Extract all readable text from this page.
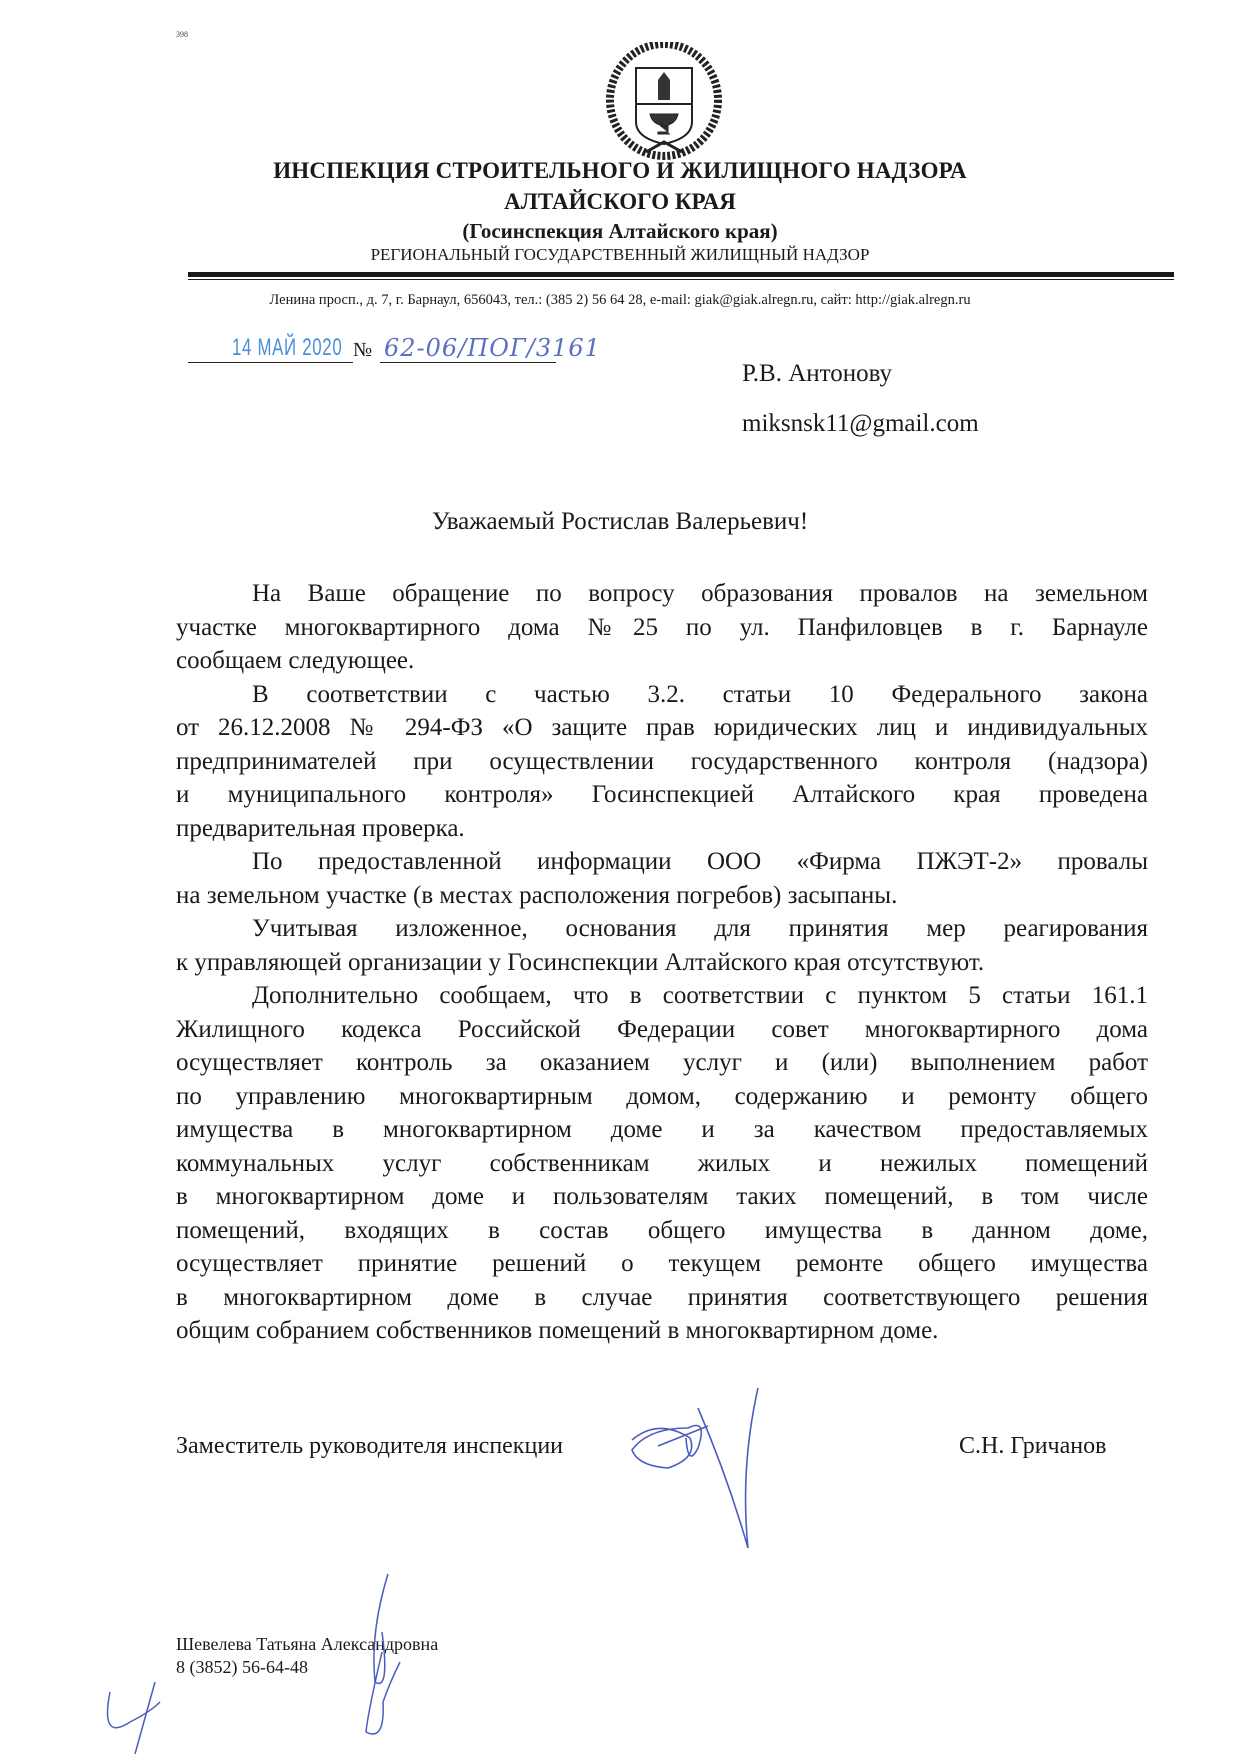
398
ИНСПЕКЦИЯ СТРОИТЕЛЬНОГО И ЖИЛИЩНОГО НАДЗОРА
АЛТАЙСКОГО КРАЯ
(Госинспекция Алтайского края)
РЕГИОНАЛЬНЫЙ ГОСУДАРСТВЕННЫЙ ЖИЛИЩНЫЙ НАДЗОР
Ленина просп., д. 7, г. Барнаул, 656043, тел.: (385 2) 56 64 28, e-mail: giak@giak.alregn.ru, сайт: http://giak.alregn.ru
14 МАЙ 2020 № 62-06/ПОГ/3161
Р.В. Антонову
miksnsk11@gmail.com
Уважаемый Ростислав Валерьевич!
На Ваше обращение по вопросу образования провалов на земельном
участке многоквартирного дома №25 по ул. Панфиловцев в г. Барнауле
сообщаем следующее.
В соответствии с частью 3.2. статьи 10 Федерального закона
от 26.12.2008 № 294-ФЗ «О защите прав юридических лиц и индивидуальных
предпринимателей при осуществлении государственного контроля (надзора)
и муниципального контроля» Госинспекцией Алтайского края проведена
предварительная проверка.
По предоставленной информации ООО «Фирма ПЖЭТ-2» провалы
на земельном участке (в местах расположения погребов) засыпаны.
Учитывая изложенное, основания для принятия мер реагирования
к управляющей организации у Госинспекции Алтайского края отсутствуют.
Дополнительно сообщаем, что в соответствии с пунктом 5 статьи 161.1
Жилищного кодекса Российской Федерации совет многоквартирного дома
осуществляет контроль за оказанием услуг и (или) выполнением работ
по управлению многоквартирным домом, содержанию и ремонту общего
имущества в многоквартирном доме и за качеством предоставляемых
коммунальных услуг собственникам жилых и нежилых помещений
в многоквартирном доме и пользователям таких помещений, в том числе
помещений, входящих в состав общего имущества в данном доме,
осуществляет принятие решений о текущем ремонте общего имущества
в многоквартирном доме в случае принятия соответствующего решения
общим собранием собственников помещений в многоквартирном доме.
Заместитель руководителя инспекции	С.Н. Гричанов
Шевелева Татьяна Александровна
8 (3852) 56-64-48
